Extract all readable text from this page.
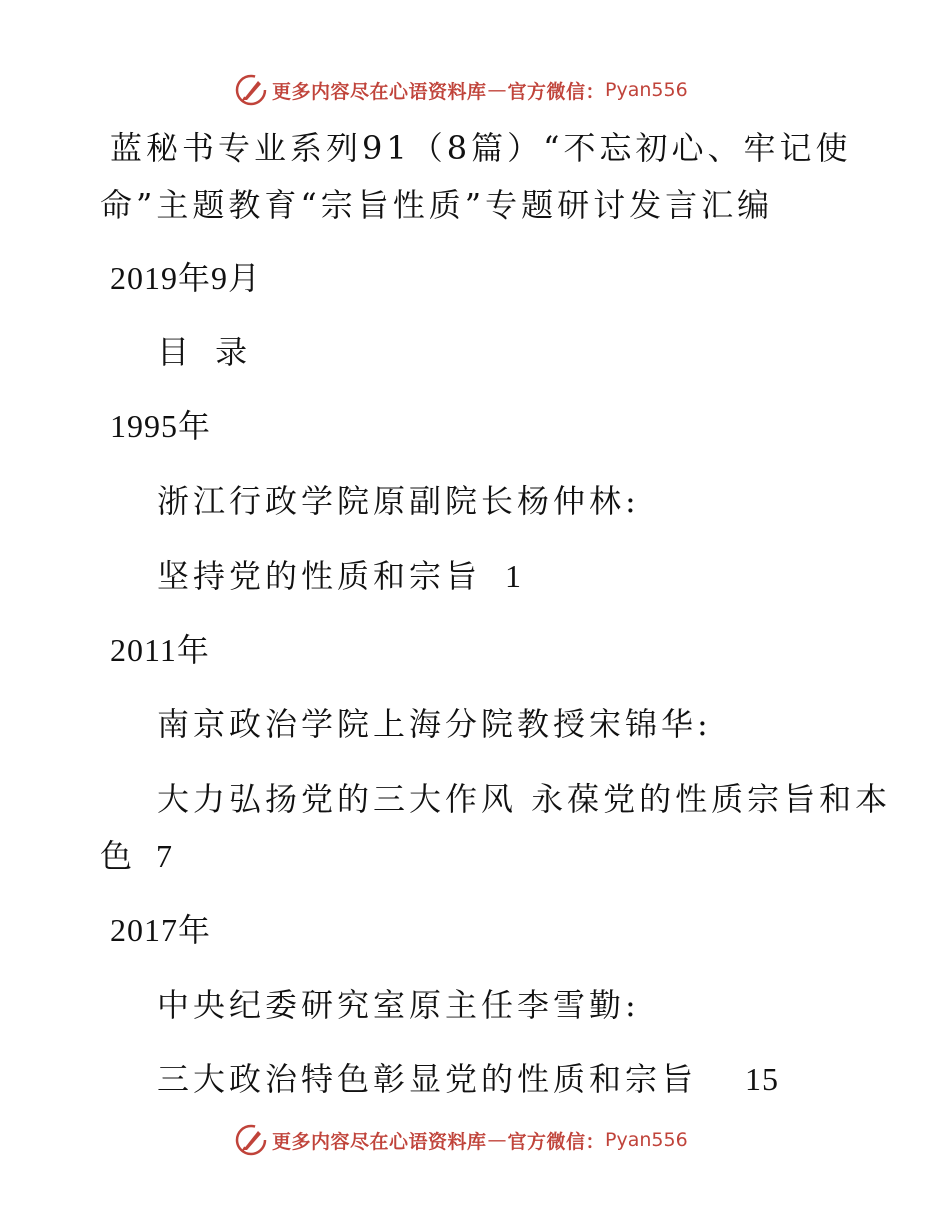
更多内容尽在心语资料库 — 官方微信： Pyan556
蓝秘书专业系列91（8篇）“不忘初心、牢记使
命”主题教育“宗旨性质”专题研讨发言汇编
2019年9月
目 录
1995年
浙江行政学院原副院长杨仲林:
坚持党的性质和宗旨 1
2011年
南京政治学院上海分院教授宋锦华:
大力弘扬党的三大作风 永葆党的性质宗旨和本
色 7
2017年
中央纪委研究室原主任李雪勤:
三大政治特色彰显党的性质和宗旨 15
更多内容尽在心语资料库 — 官方微信： Pyan556
